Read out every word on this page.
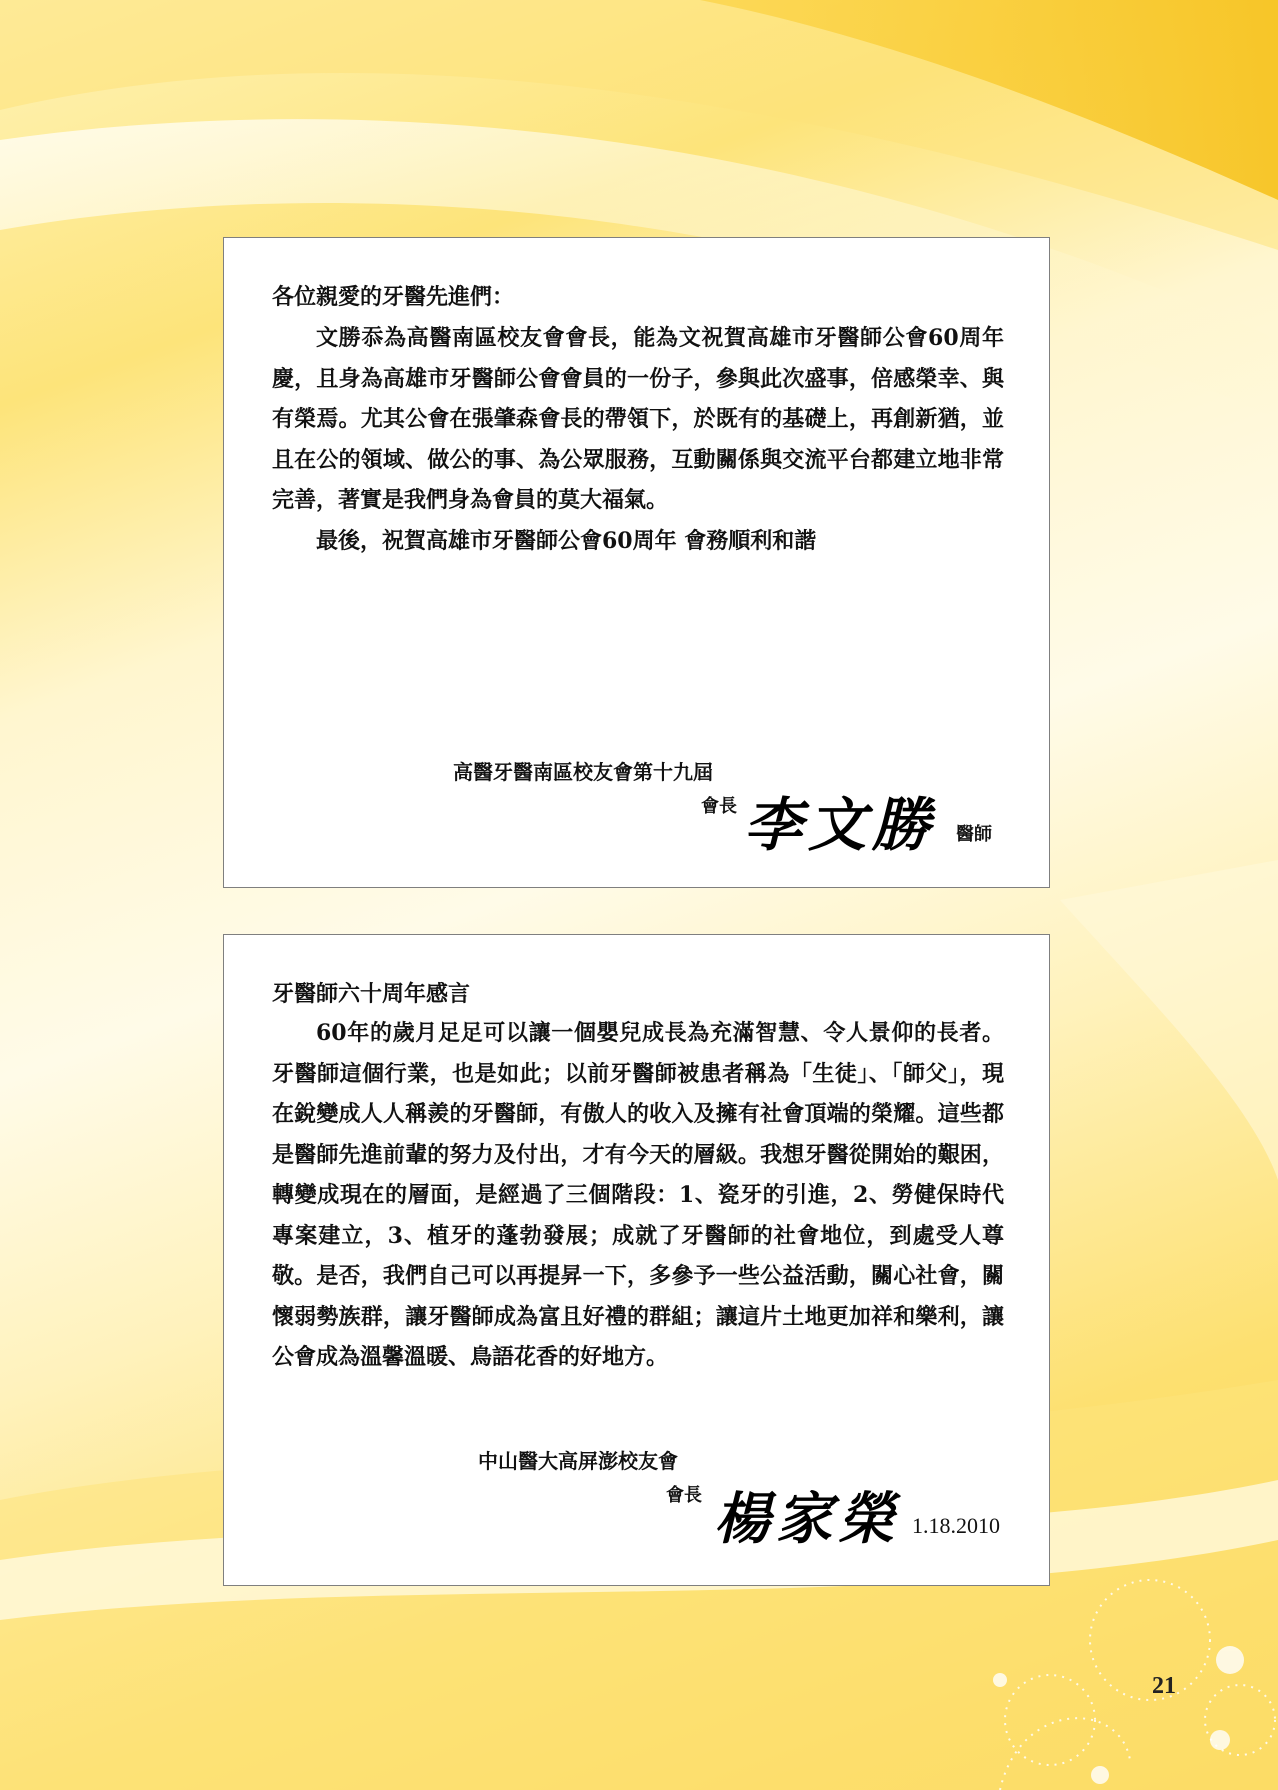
各位親愛的牙醫先進們：

文勝忝為高醫南區校友會會長，能為文祝賀高雄市牙醫師公會60周年慶，且身為高雄市牙醫師公會會員的一份子，參與此次盛事，倍感榮幸、與有榮焉。尤其公會在張肇森會長的帶領下，於既有的基礎上，再創新猶，並且在公的領域、做公的事、為公眾服務，互動關係與交流平台都建立地非常完善，著實是我們身為會員的莫大福氣。

最後，祝賀高雄市牙醫師公會60周年 會務順利和諧

高醫牙醫南區校友會第十九屆
會長 李文勝 醫師

牙醫師六十周年感言

60年的歲月足足可以讓一個嬰兒成長為充滿智慧、令人景仰的長者。牙醫師這個行業，也是如此；以前牙醫師被患者稱為「生徒」、「師父」，現在銳變成人人稱羨的牙醫師，有傲人的收入及擁有社會頂端的榮耀。這些都是醫師先進前輩的努力及付出，才有今天的層級。我想牙醫從開始的艱困，轉變成現在的層面，是經過了三個階段：1、瓷牙的引進，2、勞健保時代專案建立，3、植牙的蓬勃發展；成就了牙醫師的社會地位，到處受人尊敬。是否，我們自己可以再提昇一下，多參予一些公益活動，關心社會，關懷弱勢族群，讓牙醫師成為富且好禮的群組；讓這片土地更加祥和樂利，讓公會成為溫馨溫暖、鳥語花香的好地方。

中山醫大高屏澎校友會
會長 楊家榮 1.18.2010
21
